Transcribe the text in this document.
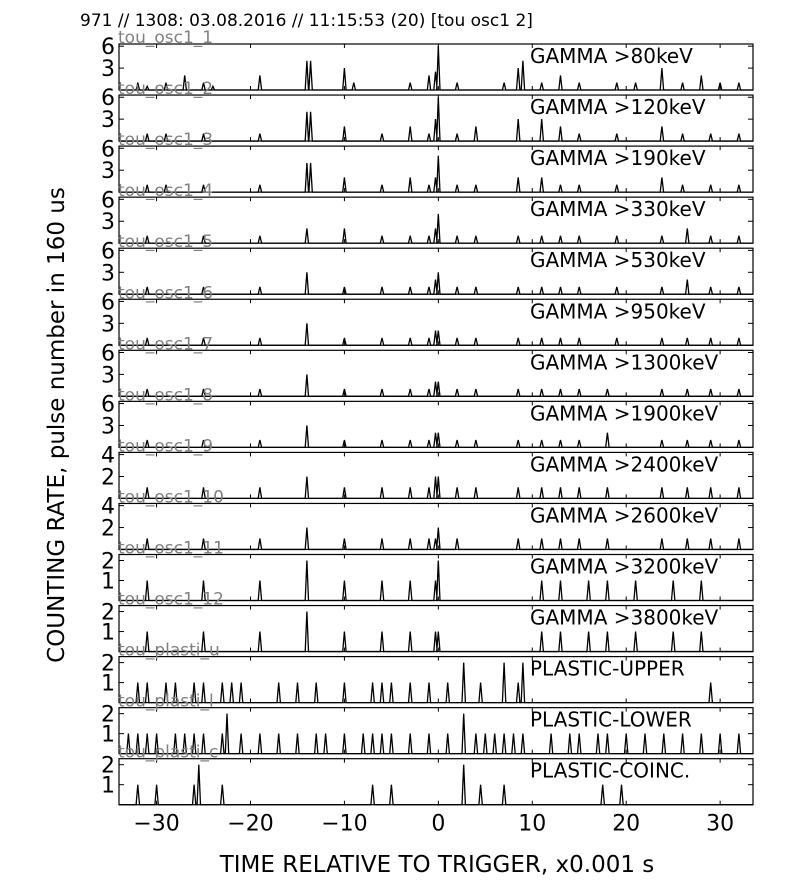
971 // 1308: 03.08.2016 // 11:15:53 (20) [tou osc1 2]
COUNTING RATE, pulse number in 160 us
TIME RELATIVE TO TRIGGER, x0.001 s
3
6 tou_osc1_1
GAMMA >80keV
3
6 tou_osc1_2
GAMMA >120keV
3
6 tou_osc1_3
GAMMA >190keV
3
6 tou_osc1_4
GAMMA >330keV
3
6 tou_osc1_5
GAMMA >530keV
3
6 tou_osc1_6
GAMMA >950keV
3
6 tou_osc1_7
GAMMA >1300keV
3
6 tou_osc1_8
GAMMA >1900keV
2
4 tou_osc1_9
GAMMA >2400keV
2
4 tou_osc1_10
GAMMA >2600keV
1
2
tou_osc1_11
GAMMA >3200keV
1
2
tou_osc1_12
GAMMA >3800keV
1
2
tou_plasti_u
PLASTIC-UPPER
1
2
tou_plasti_l
PLASTIC-LOWER
1
2
tou_plasti_c
PLASTIC-COINC.
−30 −20 −10	0	10	20	30
